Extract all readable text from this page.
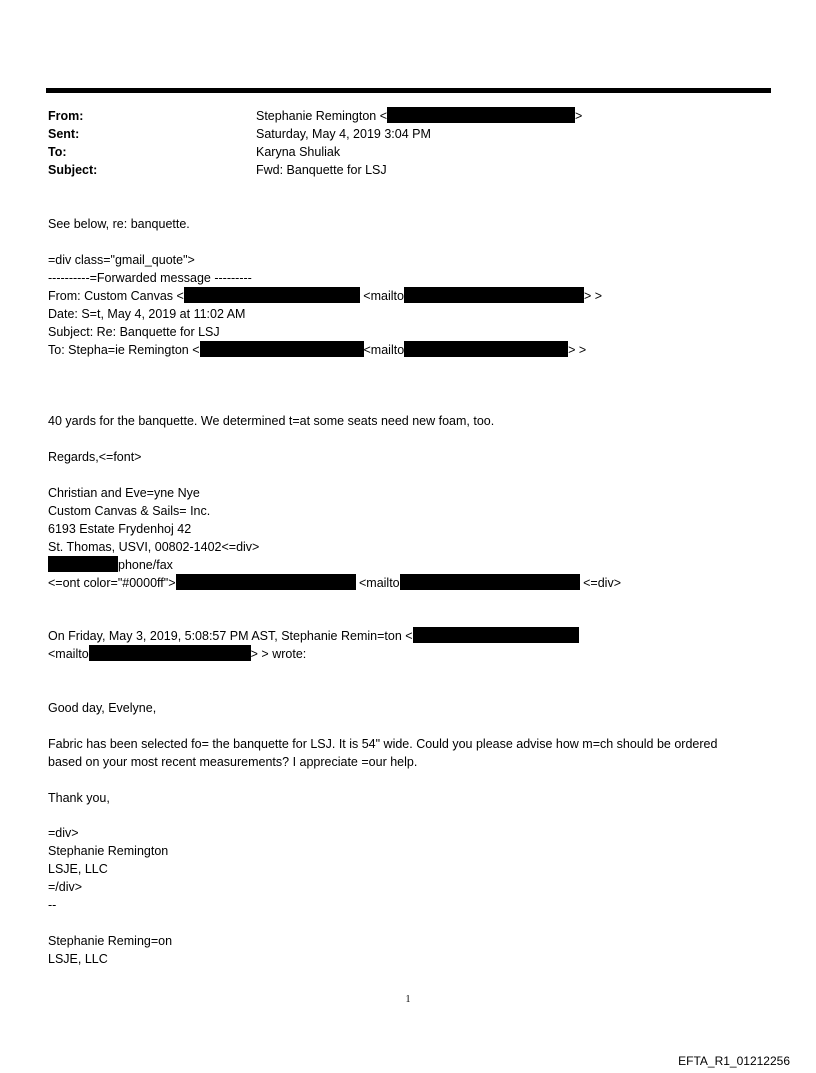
From:	Stephanie Remington <	>
Sent:	Saturday, May 4, 2019 3:04 PM
To:	Karyna Shuliak
Subject:	Fwd: Banquette for LSJ
See below, re: banquette.
=div class="gmail_quote">
----------=Forwarded message ---------
From: Custom Canvas <	<mailto	> >
Date: S=t, May 4, 2019 at 11:02 AM
Subject: Re: Banquette for LSJ
To: Stepha=ie Remington <	<mailto	> >
40 yards for the banquette. We determined t=at some seats need new foam, too.
Regards,<=font>
Christian and Eve=yne Nye
Custom Canvas & Sails= Inc.
6193 Estate Frydenhoj 42
St. Thomas, USVI, 00802-1402<=div>
phone/fax
<=ont color="#0000ff">	<mailto	<=div>
On Friday, May 3, 2019, 5:08:57 PM AST, Stephanie Remin=ton <
<mailto	> > wrote:
Good day, Evelyne,
Fabric has been selected fo= the banquette for LSJ. It is 54" wide. Could you please advise how m=ch should be ordered
based on your most recent measurements? I appreciate =our help.
Thank you,
=div>
Stephanie Remington
LSJE, LLC
=/div>
--
Stephanie Reming=on
LSJE, LLC
1
EFTA_R1_01212256
